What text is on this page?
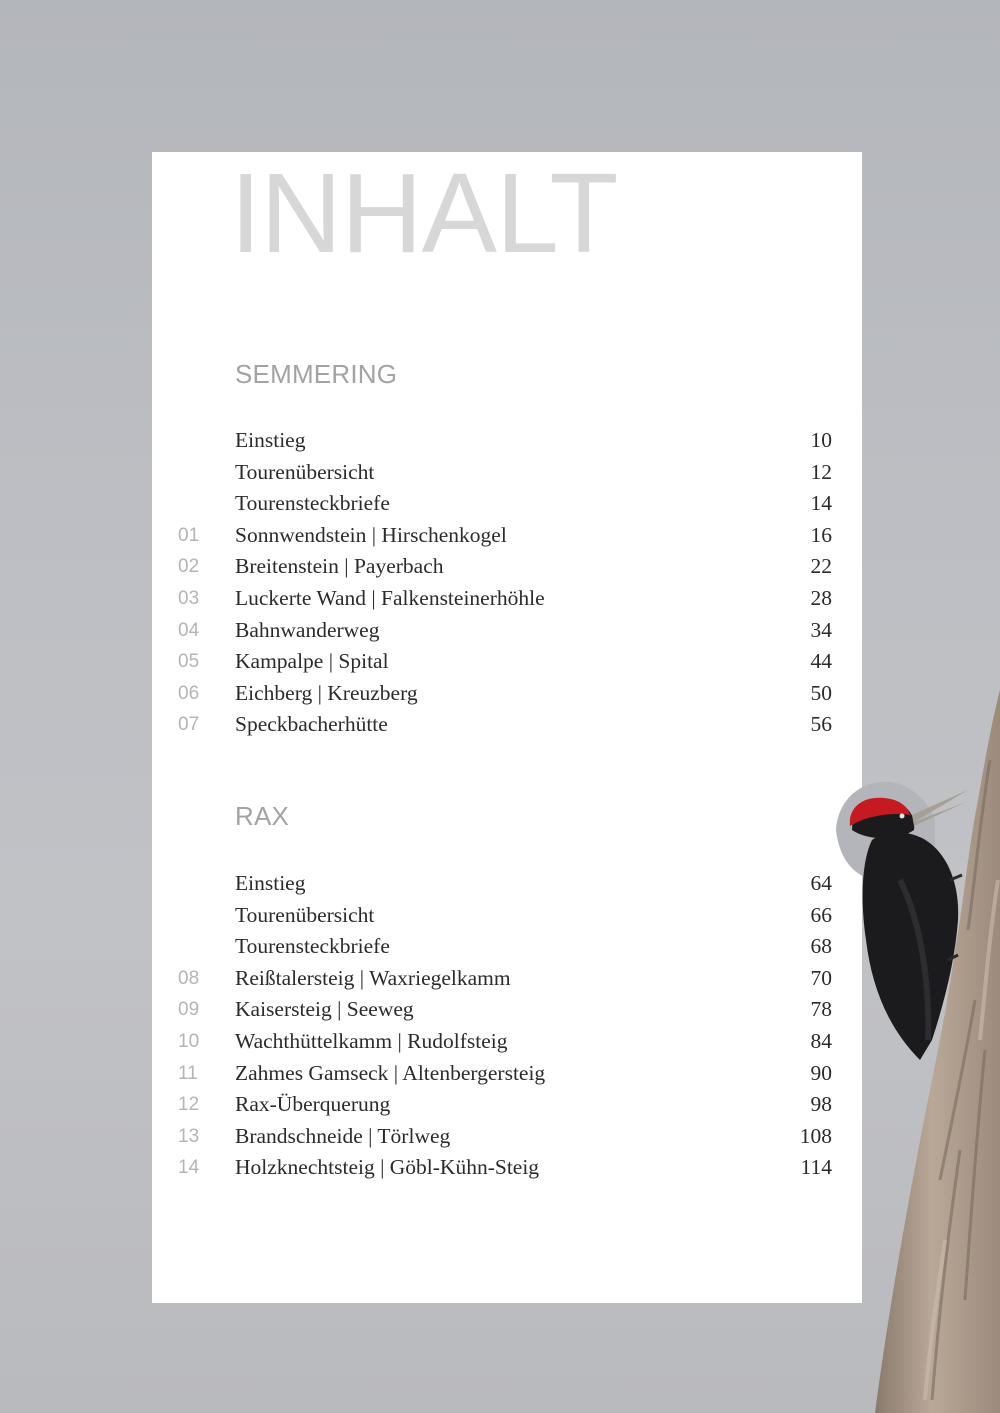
INHALT
SEMMERING
Einstieg	10
Tourenübersicht	12
Tourensteckbriefe	14
01 Sonnwendstein | Hirschenkogel	16
02 Breitenstein | Payerbach	22
03 Luckerte Wand | Falkensteinerhöhle	28
04 Bahnwanderweg	34
05 Kampalpe | Spital	44
06 Eichberg | Kreuzberg	50
07 Speckbacherhütte	56
RAX
Einstieg	64
Tourenübersicht	66
Tourensteckbriefe	68
08 Reißtalersteig | Waxriegelkamm	70
09 Kaisersteig | Seeweg	78
10 Wachthüttelkamm | Rudolfsteig	84
11 Zahmes Gamseck | Altenbergersteig	90
12 Rax-Überquerung	98
13 Brandschneide | Törlweg	108
14 Holzknechtsteig | Göbl-Kühn-Steig	114
